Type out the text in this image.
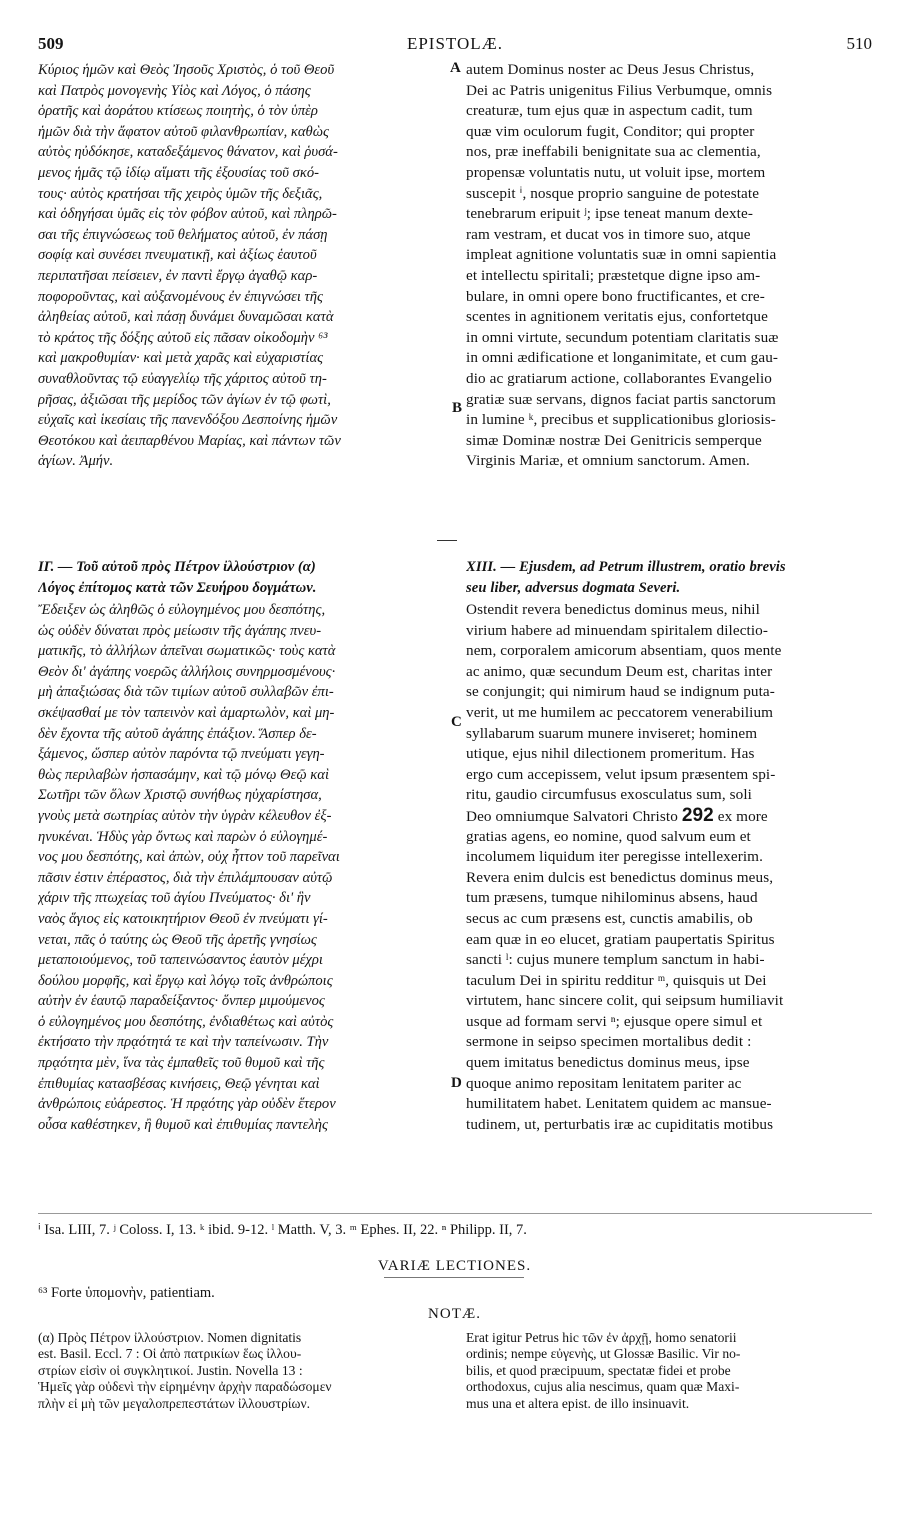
509	EPISTOLÆ.	510
Κύριος ἡμῶν καὶ Θεὸς Ἰησοῦς Χριστὸς, ὁ τοῦ Θεοῦ
καὶ Πατρὸς μονογενὴς Υἱὸς καὶ Λόγος, ὁ πάσης
ὁρατῆς καὶ ἀοράτου κτίσεως ποιητὴς, ὁ τὸν ὑπὲρ
ἡμῶν διὰ τὴν ἄφατον αὐτοῦ φιλανθρωπίαν, καθὼς
αὐτὸς ηὐδόκησε, καταδεξάμενος θάνατον, καὶ ῥυσά-
μενος ἡμᾶς τῷ ἰδίῳ αἵματι τῆς ἐξουσίας τοῦ σκό-
τους· αὐτὸς κρατήσαι τῆς χειρὸς ὑμῶν τῆς δεξιᾶς,
καὶ ὁδηγήσαι ὑμᾶς εἰς τὸν φόβον αὐτοῦ, καὶ πληρῶ-
σαι τῆς ἐπιγνώσεως τοῦ θελήματος αὐτοῦ, ἐν πάσῃ
σοφίᾳ καὶ συνέσει πνευματικῇ, καὶ ἀξίως ἑαυτοῦ
περιπατῆσαι πείσειεν, ἐν παντὶ ἔργῳ ἀγαθῷ καρ-
ποφοροῦντας, καὶ αὐξανομένους ἐν ἐπιγνώσει τῆς
ἀληθείας αὐτοῦ, καὶ πάσῃ δυνάμει δυναμῶσαι κατὰ
τὸ κράτος τῆς δόξης αὐτοῦ εἰς πᾶσαν οἰκοδομὴν ⁶³
καὶ μακροθυμίαν· καὶ μετὰ χαρᾶς καὶ εὐχαριστίας
συναθλοῦντας τῷ εὐαγγελίῳ τῆς χάριτος αὐτοῦ τη-
ρῆσας, ἀξιῶσαι τῆς μερίδος τῶν ἁγίων ἐν τῷ φωτὶ,
εὐχαῖς καὶ ἱκεσίαις τῆς πανενδόξου Δεσποίνης ἡμῶν
Θεοτόκου καὶ ἀειπαρθένου Μαρίας, καὶ πάντων τῶν
ἁγίων. Ἀμήν.
autem Dominus noster ac Deus Jesus Christus,
Dei ac Patris unigenitus Filius Verbumque, omnis
creaturæ, tum ejus quæ in aspectum cadit, tum
quæ vim oculorum fugit, Conditor; qui propter
nos, præ ineffabili benignitate sua ac clementia,
propensæ voluntatis nutu, ut voluit ipse, mortem
suscepit ⁱ, nosque proprio sanguine de potestate
tenebrarum eripuit ʲ; ipse teneat manum dexte-
ram vestram, et ducat vos in timore suo, atque
impleat agnitione voluntatis suæ in omni sapientia
et intellectu spiritali; præstetque digne ipso am-
bulare, in omni opere bono fructificantes, et cre-
scentes in agnitionem veritatis ejus, confortetque
in omni virtute, secundum potentiam claritatis suæ
in omni ædificatione et longanimitate, et cum gau-
dio ac gratiarum actione, collaborantes Evangelio
gratiæ suæ servans, dignos faciat partis sanctorum
in lumine ᵏ, precibus et supplicationibus gloriosis-
simæ Dominæ nostræ Dei Genitricis semperque
Virginis Mariæ, et omnium sanctorum. Amen.
A
B
C
D
ΙΓ. — Τοῦ αὐτοῦ πρὸς Πέτρον ἰλλούστριον (α)
Λόγος ἐπίτομος κατὰ τῶν Σευήρου δογμάτων.
XIII. — Ejusdem, ad Petrum illustrem, oratio brevis
seu liber, adversus dogmata Severi.
Ἔδειξεν ὡς ἀληθῶς ὁ εὐλογημένος μου δεσπότης,
ὡς οὐδὲν δύναται πρὸς μείωσιν τῆς ἀγάπης πνευ-
ματικῆς, τὸ ἀλλήλων ἀπεῖναι σωματικῶς· τοὺς κατὰ
Θεὸν δι' ἀγάπης νοερῶς ἀλλήλοις συνηρμοσμένους·
μὴ ἀπαξιώσας διὰ τῶν τιμίων αὐτοῦ συλλαβῶν ἐπι-
σκέψασθαί με τὸν ταπεινὸν καὶ ἁμαρτωλὸν, καὶ μη-
δὲν ἔχοντα τῆς αὐτοῦ ἀγάπης ἐπάξιον. Ἅσπερ δε-
ξάμενος, ὥσπερ αὐτὸν παρόντα τῷ πνεύματι γεγη-
θὼς περιλαβὼν ἠσπασάμην, καὶ τῷ μόνῳ Θεῷ καὶ
Σωτῆρι τῶν ὅλων Χριστῷ συνήθως ηὐχαρίστησα,
γνοὺς μετὰ σωτηρίας αὐτὸν τὴν ὑγρὰν κέλευθον ἐξ-
ηνυκέναι. Ἡδὺς γὰρ ὄντως καὶ παρὼν ὁ εὐλογημέ-
νος μου δεσπότης, καὶ ἀπὼν, οὐχ ἧττον τοῦ παρεῖναι
πᾶσιν ἐστιν ἐπέραστος, διὰ τὴν ἐπιλάμπουσαν αὐτῷ
χάριν τῆς πτωχείας τοῦ ἁγίου Πνεύματος· δι' ἣν
ναὸς ἅγιος εἰς κατοικητήριον Θεοῦ ἐν πνεύματι γί-
νεται, πᾶς ὁ ταύτης ὡς Θεοῦ τῆς ἀρετῆς γνησίως
μεταποιούμενος, τοῦ ταπεινώσαντος ἑαυτὸν μέχρι
δούλου μορφῆς, καὶ ἔργῳ καὶ λόγῳ τοῖς ἀνθρώποις
αὐτὴν ἐν ἑαυτῷ παραδείξαντος· ὅνπερ μιμούμενος
ὁ εὐλογημένος μου δεσπότης, ἐνδιαθέτως καὶ αὐτὸς
ἐκτήσατο τὴν πρᾳότητά τε καὶ τὴν ταπείνωσιν. Τὴν
πρᾳότητα μὲν, ἵνα τὰς ἐμπαθεῖς τοῦ θυμοῦ καὶ τῆς
ἐπιθυμίας κατασβέσας κινήσεις, Θεῷ γένηται καὶ
ἀνθρώποις εὐάρεστος. Ἡ πρᾳότης γὰρ οὐδὲν ἕτερον
οὖσα καθέστηκεν, ἢ θυμοῦ καὶ ἐπιθυμίας παντελὴς
Ostendit revera benedictus dominus meus, nihil
virium habere ad minuendam spiritalem dilectio-
nem, corporalem amicorum absentiam, quos mente
ac animo, quæ secundum Deum est, charitas inter
se conjungit; qui nimirum haud se indignum puta-
verit, ut me humilem ac peccatorem venerabilium
syllabarum suarum munere inviseret; hominem
utique, ejus nihil dilectionem promeritum. Has
ergo cum accepissem, velut ipsum præsentem spi-
ritu, gaudio circumfusus exosculatus sum, soli
Deo omniumque Salvatori Christo 292 ex more
gratias agens, eo nomine, quod salvum eum et
incolumem liquidum iter peregisse intellexerim.
Revera enim dulcis est benedictus dominus meus,
tum præsens, tumque nihilominus absens, haud
secus ac cum præsens est, cunctis amabilis, ob
eam quæ in eo elucet, gratiam paupertatis Spiritus
sancti ˡ: cujus munere templum sanctum in habi-
taculum Dei in spiritu redditur ᵐ, quisquis ut Dei
virtutem, hanc sincere colit, qui seipsum humiliavit
usque ad formam servi ⁿ; ejusque opere simul et
sermone in seipso specimen mortalibus dedit :
quem imitatus benedictus dominus meus, ipse
quoque animo repositam lenitatem pariter ac
humilitatem habet. Lenitatem quidem ac mansue-
tudinem, ut, perturbatis iræ ac cupiditatis motibus
ⁱ Isa. LIII, 7. ʲ Coloss. I, 13. ᵏ ibid. 9-12. ˡ Matth. V, 3. ᵐ Ephes. II, 22. ⁿ Philipp. II, 7.
VARIÆ LECTIONES.
⁶³ Forte ὑπομονὴν, patientiam.
NOTÆ.
(α) Πρὸς Πέτρον ἰλλούστριον. Nomen dignitatis
est. Basil. Eccl. 7 : Οἱ ἀπὸ πατρικίων ἕως ἰλλου-
στρίων εἰσὶν οἱ συγκλητικοί. Justin. Novella 13 :
Ἡμεῖς γὰρ οὐδενὶ τὴν εἰρημένην ἀρχὴν παραδώσομεν
πλὴν εἰ μὴ τῶν μεγαλοπρεπεστάτων ἰλλουστρίων.
Erat igitur Petrus hic τῶν ἐν ἀρχῇ, homo senatorii
ordinis; nempe εὐγενὴς, ut Glossæ Basilic. Vir no-
bilis, et quod præcipuum, spectatæ fidei et probe
orthodoxus, cujus alia nescimus, quam quæ Maxi-
mus una et altera epist. de illo insinuavit.
